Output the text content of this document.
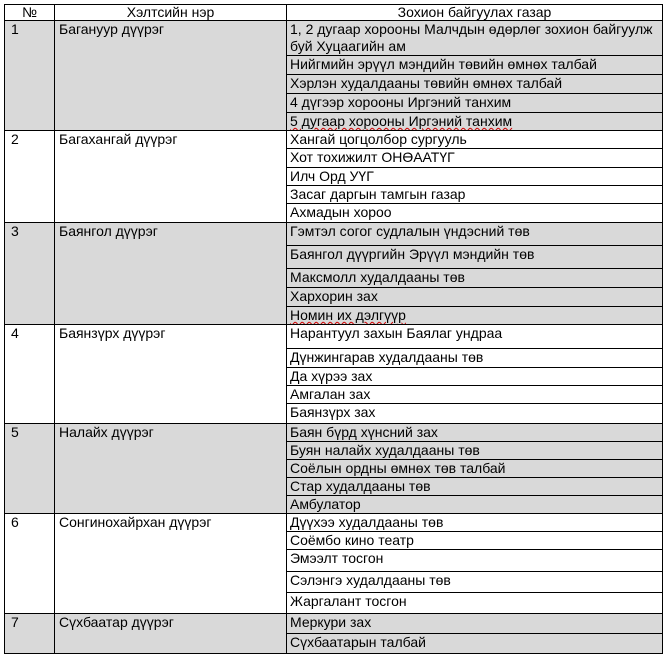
№	Хэлтсийн нэр	Зохион байгуулах газар
1	Багануур дүүрэг	1, 2 дугаар хорооны Малчдын өдөрлөг зохион байгуулж буй Хуцаагийн ам
		Нийгмийн эрүүл мэндийн төвийн өмнөх талбай
		Хэрлэн худалдааны төвийн өмнөх талбай
		4 дүгээр хорооны Иргэний танхим
		5 дугаар хорооны Иргэний танхим
2	Багахангай дүүрэг	Хангай цогцолбор сургууль
		Хот тохижилт ОНӨААТҮГ
		Илч Орд УҮГ
		Засаг даргын тамгын газар
		Ахмадын хороо
3	Баянгол дүүрэг	Гэмтэл согог судлалын үндэсний төв
		Баянгол дүүргийн Эрүүл мэндийн төв
		Максмолл худалдааны төв
		Хархорин зах
		Номин их дэлгүүр
4	Баянзүрх дүүрэг	Нарантуул захын Баялаг ундраа
		Дүнжингарав худалдааны төв
		Да хүрээ зах
		Амгалан зах
		Баянзүрх зах
5	Налайх дүүрэг	Баян бүрд хүнсний зах
		Буян налайх худалдааны төв
		Соёлын ордны өмнөх төв талбай
		Стар худалдааны төв
		Амбулатор
6	Сонгинохайрхан дүүрэг	Дүүхээ худалдааны төв
		Соёмбо кино театр
		Эмээлт тосгон
		Сэлэнгэ худалдааны төв
		Жаргалант тосгон
7	Сүхбаатар дүүрэг	Меркури зах
		Сүхбаатарын талбай
